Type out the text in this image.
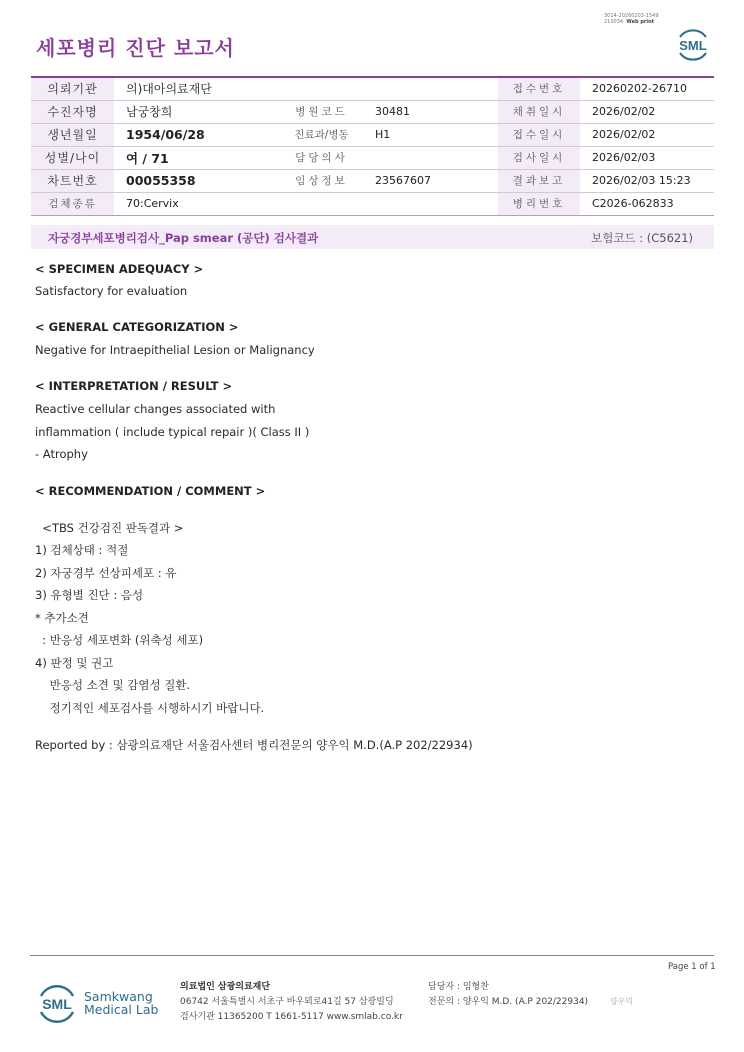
3014-20260203-1549
210034 Web print
세포병리 진단 보고서	SML
의뢰기관	의)대아의료재단			접수번호	20260202-26710
수진자명	남궁창희	병원코드	30481	채취일시	2026/02/02
생년월일	1954/06/28	진료과/병동	H1	접수일시	2026/02/02
성별/나이	여 / 71	담당의사		검사일시	2026/02/03
차트번호	00055358	임상정보	23567607	결과보고	2026/02/03 15:23
검체종류	70:Cervix			병리번호	C2026-062833
자궁경부세포병리검사_Pap smear (공단) 검사결과	보험코드 : (C5621)
< SPECIMEN ADEQUACY >
Satisfactory for evaluation
< GENERAL CATEGORIZATION >
Negative for Intraepithelial Lesion or Malignancy
< INTERPRETATION / RESULT >
Reactive cellular changes associated with
inflammation ( include typical repair )( Class II )
- Atrophy
< RECOMMENDATION / COMMENT >
<TBS 건강검진 판독결과 >
1) 검체상태 : 적절
2) 자궁경부 선상피세포 : 유
3) 유형별 진단 : 음성
* 추가소견
: 반응성 세포변화 (위축성 세포)
4) 판정 및 권고
반응성 소견 및 감염성 질환.
정기적인 세포검사를 시행하시기 바랍니다.
Reported by : 삼광의료재단 서울검사센터 병리전문의 양우익 M.D.(A.P 202/22934)
Page 1 of 1
SML Samkwang
Medical Lab
의료법인 삼광의료재단
06742 서울특별시 서초구 바우뫼로41길 57 삼광빌딩
검사기관 11365200 T 1661-5117 www.smlab.co.kr
담당자 : 임형찬
전문의 : 양우익 M.D. (A.P 202/22934)	양우익
